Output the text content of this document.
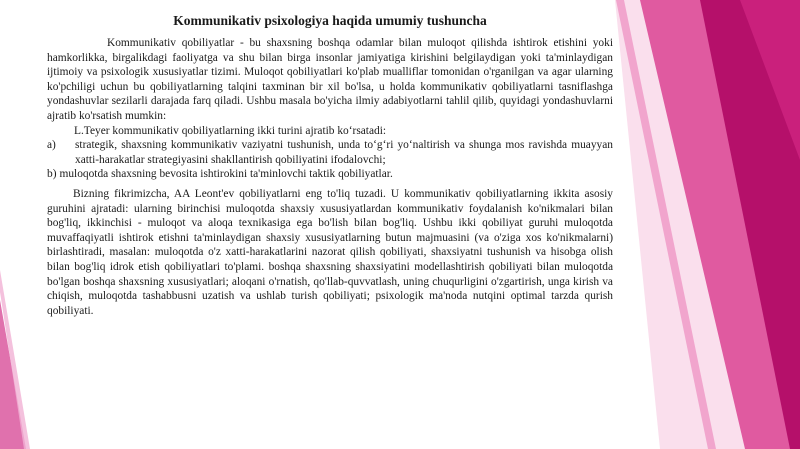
Kommunikativ psixologiya haqida umumiy tushuncha

Kommunikativ qobiliyatlar - bu shaxsning boshqa odamlar bilan muloqot qilishda ishtirok etishini yoki hamkorlikka, birgalikdagi faoliyatga va shu bilan birga insonlar jamiyatiga kirishini belgilaydigan yoki ta'minlaydigan ijtimoiy va psixologik xususiyatlar tizimi. Muloqot qobiliyatlari ko'plab mualliflar tomonidan o'rganilgan va agar ularning ko'pchiligi uchun bu qobiliyatlarning talqini taxminan bir xil bo'lsa, u holda kommunikativ qobiliyatlarni tasniflashga yondashuvlar sezilarli darajada farq qiladi. Ushbu masala bo'yicha ilmiy adabiyotlarni tahlil qilib, quyidagi yondashuvlarni ajratib ko'rsatish mumkin:

L.Teyer kommunikativ qobiliyatlarning ikki turini ajratib ko‘rsatadi:

a)	strategik, shaxsning kommunikativ vaziyatni tushunish, unda to‘g‘ri yo‘naltirish va shunga mos ravishda muayyan xatti-harakatlar strategiyasini shakllantirish qobiliyatini ifodalovchi;
b) muloqotda shaxsning bevosita ishtirokini ta'minlovchi taktik qobiliyatlar.

Bizning fikrimizcha, AA Leont'ev qobiliyatlarni eng to'liq tuzadi. U kommunikativ qobiliyatlarning ikkita asosiy guruhini ajratadi: ularning birinchisi muloqotda shaxsiy xususiyatlardan kommunikativ foydalanish ko'nikmalari bilan bog'liq, ikkinchisi - muloqot va aloqa texnikasiga ega bo'lish bilan bog'liq. Ushbu ikki qobiliyat guruhi muloqotda muvaffaqiyatli ishtirok etishni ta'minlaydigan shaxsiy xususiyatlarning butun majmuasini (va o'ziga xos ko'nikmalarni) birlashtiradi, masalan: muloqotda o'z xatti-harakatlarini nazorat qilish qobiliyati, shaxsiyatni tushunish va hisobga olish bilan bog'liq idrok etish qobiliyatlari to'plami. boshqa shaxsning shaxsiyatini modellashtirish qobiliyati bilan muloqotda bo'lgan boshqa shaxsning xususiyatlari; aloqani o'rnatish, qo'llab-quvvatlash, uning chuqurligini o'zgartirish, unga kirish va chiqish, muloqotda tashabbusni uzatish va ushlab turish qobiliyati; psixologik ma'noda nutqini optimal tarzda qurish qobiliyati.
